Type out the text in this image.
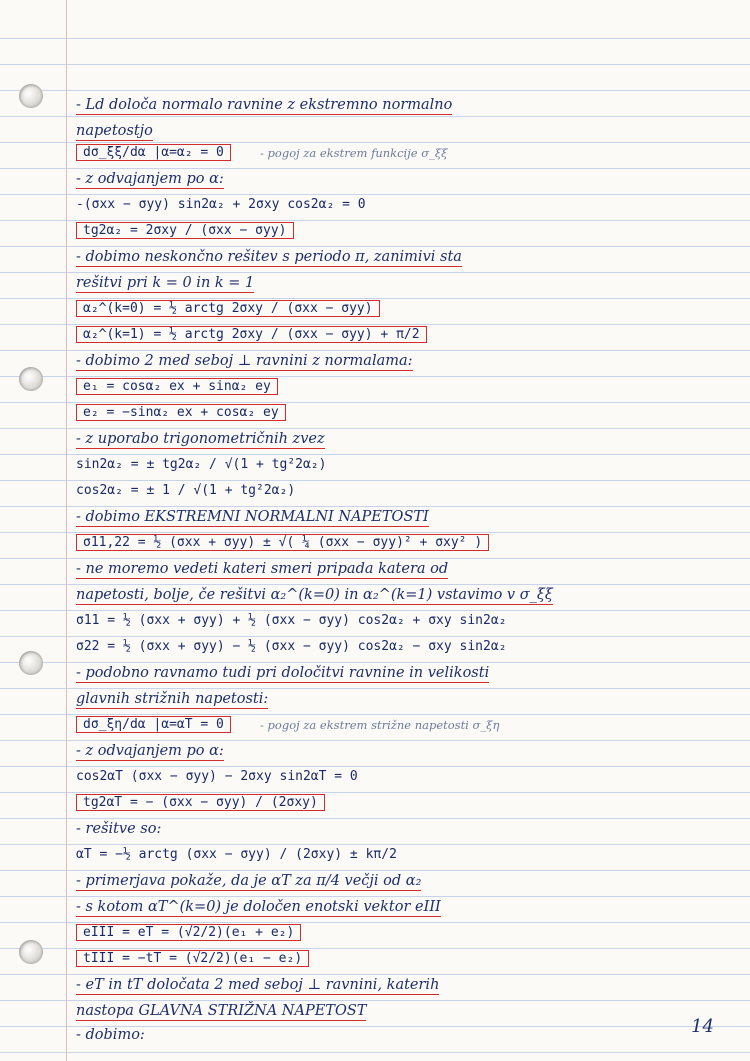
- Ld določa normalo ravnine z ekstremno normalno
napetostjo
dσ_ξξ/dα |α=α₂ = 0	- pogoj za ekstrem funkcije σ_ξξ
- z odvajanjem po α:
-(σxx − σyy) sin2α₂ + 2σxy cos2α₂ = 0
tg2α₂ = 2σxy / (σxx − σyy)
- dobimo neskončno rešitev s periodo π, zanimivi sta
rešitvi pri k = 0 in k = 1
α₂^(k=0) = ½ arctg 2σxy / (σxx − σyy)
α₂^(k=1) = ½ arctg 2σxy / (σxx − σyy) + π/2
- dobimo 2 med seboj ⊥ ravnini z normalama:
e₁ = cosα₂ ex + sinα₂ ey
e₂ = −sinα₂ ex + cosα₂ ey
- z uporabo trigonometričnih zvez
sin2α₂ = ± tg2α₂ / √(1 + tg²2α₂)
cos2α₂ = ± 1 / √(1 + tg²2α₂)
- dobimo EKSTREMNI NORMALNI NAPETOSTI
σ11,22 = ½ (σxx + σyy) ± √( ¼ (σxx − σyy)² + σxy² )
- ne moremo vedeti kateri smeri pripada katera od
napetosti, bolje, če rešitvi α₂^(k=0) in α₂^(k=1) vstavimo v σ_ξξ
σ11 = ½ (σxx + σyy) + ½ (σxx − σyy) cos2α₂ + σxy sin2α₂
σ22 = ½ (σxx + σyy) − ½ (σxx − σyy) cos2α₂ − σxy sin2α₂
- podobno ravnamo tudi pri določitvi ravnine in velikosti
glavnih strižnih napetosti:
dσ_ξη/dα |α=αT = 0	- pogoj za ekstrem strižne napetosti σ_ξη
- z odvajanjem po α:
cos2αT (σxx − σyy) − 2σxy sin2αT = 0
tg2αT = − (σxx − σyy) / (2σxy)
- rešitve so:
αT = −½ arctg (σxx − σyy) / (2σxy) ± kπ/2
- primerjava pokaže, da je αT za π/4 večji od α₂
- s kotom αT^(k=0) je določen enotski vektor eIII
eIII = eT = (√2/2)(e₁ + e₂)
tIII = −tT = (√2/2)(e₁ − e₂)
- eT in tT določata 2 med seboj ⊥ ravnini, katerih
nastopa GLAVNA STRIŽNA NAPETOST
- dobimo:	14
